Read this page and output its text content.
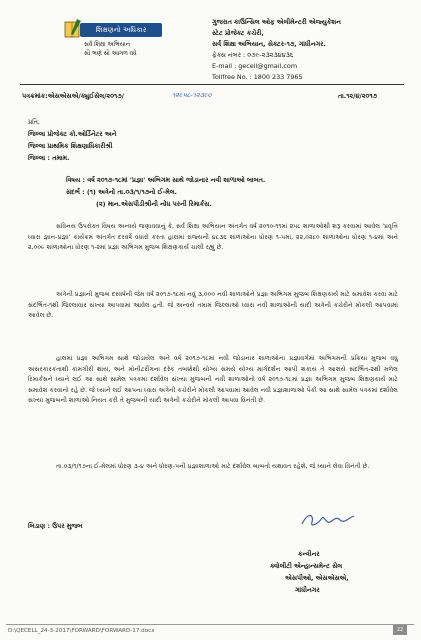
શિક્ષણનો અધિકાર
સર્વ શિક્ષા અભિયાન
સૌ ભણે સૌ આગળ વધે
ગુજરાત કાઉન્સિલ ઓફ એલીમેન્ટરી એજ્યુકેશન
સ્ટેટ પ્રોજેક્ટ કચેરી,
સર્વ શિક્ષા અભિયાન, સેક્ટર-૧૭, ગાંધીનગર.
ફેક્સ નંબર : ૦૭૯-૨૩૨૩૪૪૩૬
E-mail : gecell@gmail.com
Tollfree No. : 1800 233 7965
પત્રક્રમાંક:એસએસએ/ક્યુઈસેલ/૨૦૧૭/	૧૨૯૫૮-૧૨૩૯૦	તા.૧૨/૪/૨૦૧૭
પ્રતિ,
જિલ્લા પ્રોજેક્ટ કો.ઓર્ડિનેટર અને
જિલ્લા પ્રાથમિક શિક્ષણાધિકારીશ્રી
જિલ્લા : તમામ.
વિષય : વર્ષ ૨૦૧૭-૧૮માં 'પ્રજ્ઞા' અભિગમ સાથે જોડાનાર નવી શાળાઓ બાબત.
સંદર્ભ : (૧) અત્રેનો તા.૦૩/૧/૧૭નો ઈ-મેલ.
(૨) માન.એસપીડીશ્રીની નોંધ પરની રિમાર્કસ.

સવિનય ઉપરોક્ત વિષય અન્વયે જણાવવાનું કે, સર્વ શિક્ષા અભિયાન અંતર્ગત વર્ષ ૨૦૧૦-૧૧માં ૨૫૮ શાળાઓથી શરૂ કરવામાં આવેલ 'પ્રવૃત્તિ ધ્વારા જ્ઞાન-પ્રજ્ઞા' કાર્યક્રમ અંતર્ગત દરવર્ષે વધારો કરતા હાલમાં રાજ્યની ૪૮૩૬ શાળાઓના ધોરણ ૧-૫માં, ૨૨,૦૨૮૦ શાળાઓના ધોરણ ૧-૪માં અને ૨,૦૦૯ શાળાઓના ધોરણ ૧-૨માં પ્રજ્ઞા અભિગમ મુજબ શિક્ષણકાર્ય ચાલી રહ્યુ છે.

અત્રેની પ્રજ્ઞાની મુજબ દરવર્ષની જેમ વર્ષ ૨૦૧૭-૧૮માં નવું ૩,૦૦૦ નવી શાળાઓને પ્રજ્ઞા અભિગમ મુજબ શિક્ષણકાર્ય માટે સમાવેશ કરવા માટે સંદર્ભિત-૧થી જિલ્લાવાર સંખ્યા આપવામાં આવેલ હતી. જે અન્વયે તમામ જિલ્લાઓ ધ્વારા નવી શાળાઓની યાદી અત્રેની કચેરીને મોકલી આપવામાં આવેલ છે.

હાલમાં પ્રજ્ઞા અભિગમ સાથે જોડાયેલ અને વર્ષ ૨૦૧૭-૧૮માં નવી જોડાનાર શાળાઓના પ્રજ્ઞાવર્ગમાં અભિગમની પ્રક્રિયા મુજબ વધુ અસરકારકતાથી કામગીરી થાય, અને મોનીટરીંગના દરેક તબક્કેથી યોગ્ય સમયે યોગ્ય માર્ગદર્શન આપી શકાય તે આશયે સંદર્ભિત-૨થી મળેલ રિમાર્કસને ધ્યાને લઈ આ સાથે સામેલ પત્રકમાં દર્શાવેલ સંખ્યા મુજબની નવી શાળાઓનો વર્ષ ૨૦૧૭-૧૮માં પ્રજ્ઞા અભિગમ મુજબ શિક્ષણકાર્ય માટે સમાવેશ કરવાનો રહે છે. જે ધ્યાને લઈ આપના ધ્વારા અત્રેની કચેરીને મોકલી આપવામાં આવેલ નવી પ્રજ્ઞાશાળાઓ પૈકી આ સાથે સામેલ પત્રકમાં દર્શાવેલ સંખ્યા મુજબની શાળાઓ નિયત કરી તે મુજબની યાદી અત્રેની કચેરીને મોકલી આપવા વિનંતી છે.

તા.૦૩/૧/૧૭ના ઈ-મેલમાં ધોરણ ૩-૪ અને ધોરણ-૫ની પ્રજ્ઞાશાળાઓ માટે દર્શાવેલ બાબતો યથાવત રહેશે, જે ધ્યાને લેવા વિનંતી છે.

બિડાણ : ઉપર મુજબ
કન્વીનર
ક્વોલીટી એન્હાન્સમેન્ટ સેલ
એસપીઓ, એસએસએ,
ગાંધીનગર
D:\QECELL_24-3-2017\FORWARD\FORWARD-17.docx	22
